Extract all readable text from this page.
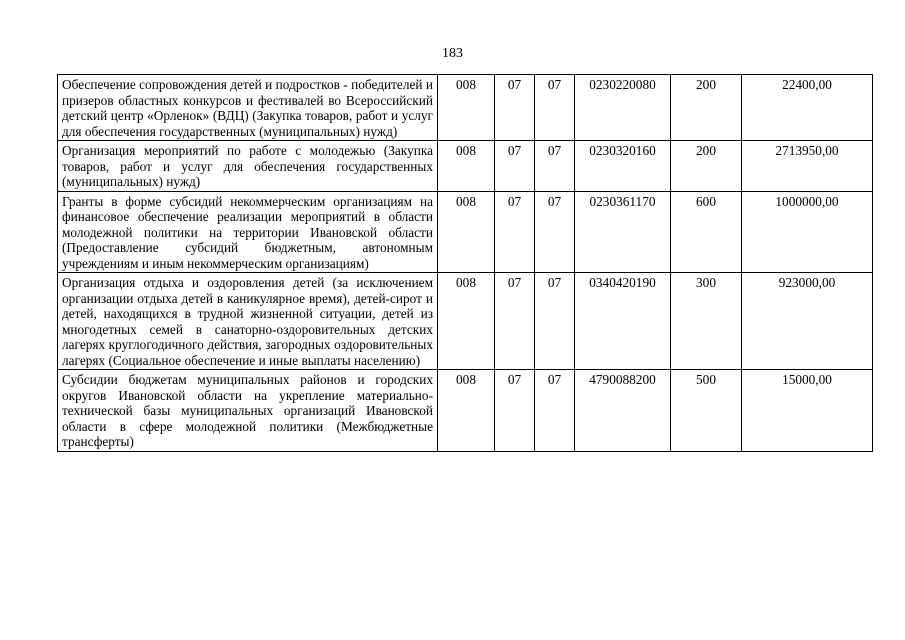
183
Обеспечение сопровождения детей и подростков - победителей и призеров областных конкурсов и фестивалей во Всероссийский детский центр «Орленок» (ВДЦ) (Закупка товаров, работ и услуг для обеспечения государственных (муниципальных) нужд)	008	07	07	0230220080	200	22400,00
Организация мероприятий по работе с молодежью (Закупка товаров, работ и услуг для обеспечения государственных (муниципальных) нужд)	008	07	07	0230320160	200	2713950,00
Гранты в форме субсидий некоммерческим организациям на финансовое обеспечение реализации мероприятий в области молодежной политики на территории Ивановской области (Предоставление субсидий бюджетным, автономным учреждениям и иным некоммерческим организациям)	008	07	07	0230361170	600	1000000,00
Организация отдыха и оздоровления детей (за исключением организации отдыха детей в каникулярное время), детей-сирот и детей, находящихся в трудной жизненной ситуации, детей из многодетных семей в санаторно-оздоровительных детских лагерях круглогодичного действия, загородных оздоровительных лагерях (Социальное обеспечение и иные выплаты населению)	008	07	07	0340420190	300	923000,00
Субсидии бюджетам муниципальных районов и городских округов Ивановской области на укрепление материально-технической базы муниципальных организаций Ивановской области в сфере молодежной политики (Межбюджетные трансферты)	008	07	07	4790088200	500	15000,00
